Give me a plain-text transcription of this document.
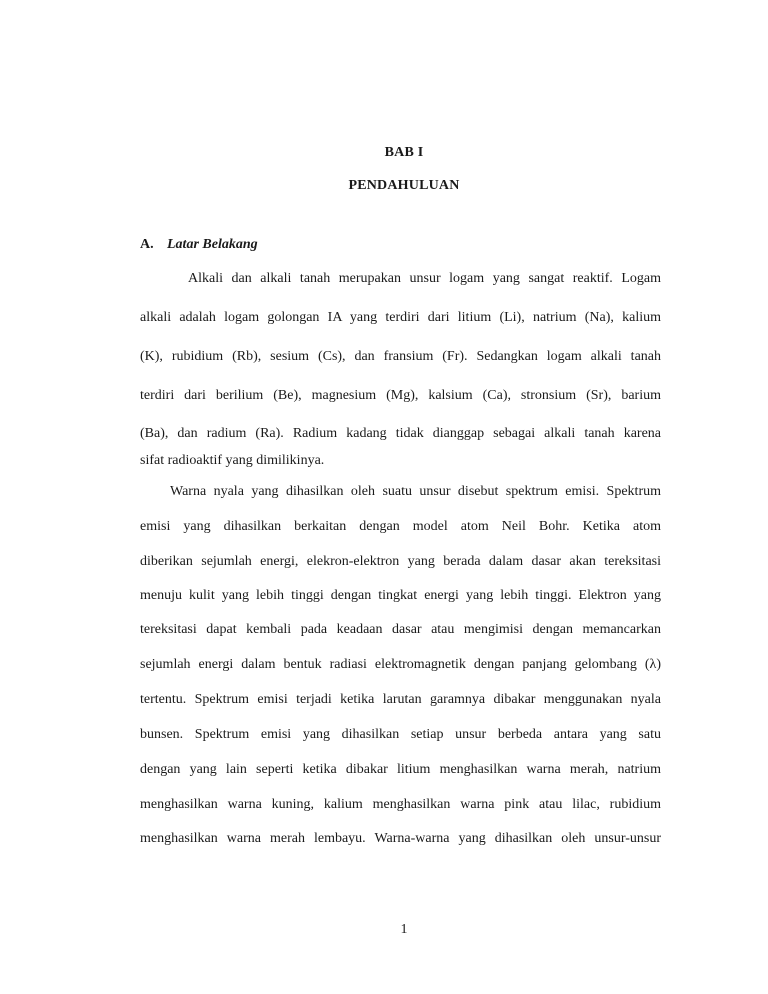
BAB I
PENDAHULUAN
A. Latar Belakang
Alkali dan alkali tanah merupakan unsur logam yang sangat reaktif. Logam
alkali adalah logam golongan IA yang terdiri dari litium (Li), natrium (Na), kalium
(K), rubidium (Rb), sesium (Cs), dan fransium (Fr). Sedangkan logam alkali tanah
terdiri dari berilium (Be), magnesium (Mg), kalsium (Ca), stronsium (Sr), barium
(Ba), dan radium (Ra). Radium kadang tidak dianggap sebagai alkali tanah karena
sifat radioaktif yang dimilikinya.
Warna nyala yang dihasilkan oleh suatu unsur disebut spektrum emisi. Spektrum
emisi yang dihasilkan berkaitan dengan model atom Neil Bohr. Ketika atom
diberikan sejumlah energi, elekron-elektron yang berada dalam dasar akan tereksitasi
menuju kulit yang lebih tinggi dengan tingkat energi yang lebih tinggi. Elektron yang
tereksitasi dapat kembali pada keadaan dasar atau mengimisi dengan memancarkan
sejumlah energi dalam bentuk radiasi elektromagnetik dengan panjang gelombang (λ)
tertentu. Spektrum emisi terjadi ketika larutan garamnya dibakar menggunakan nyala
bunsen. Spektrum emisi yang dihasilkan setiap unsur berbeda antara yang satu
dengan yang lain seperti ketika dibakar litium menghasilkan warna merah, natrium
menghasilkan warna kuning, kalium menghasilkan warna pink atau lilac, rubidium
menghasilkan warna merah lembayu. Warna-warna yang dihasilkan oleh unsur-unsur
1
